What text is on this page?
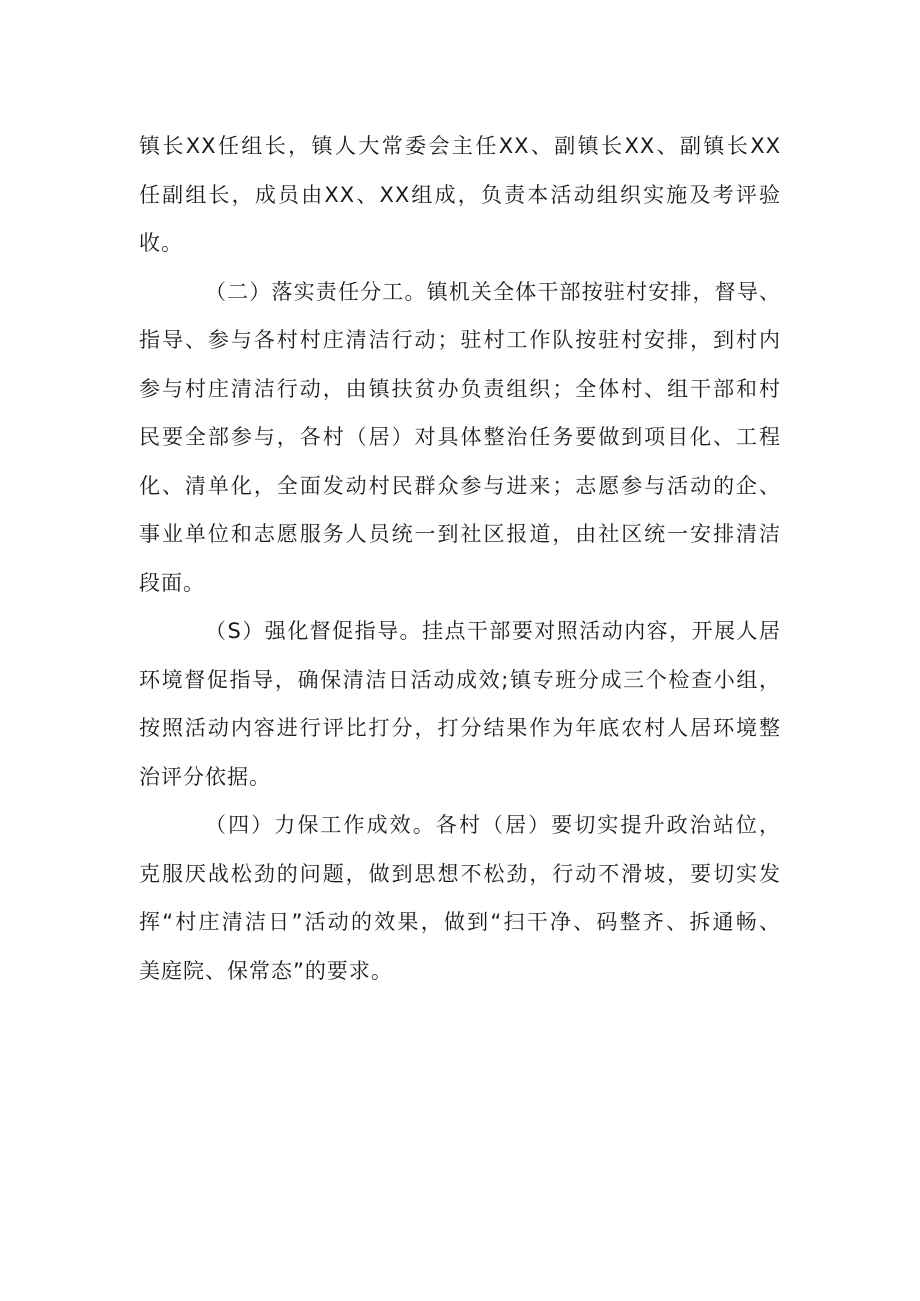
镇长XX任组长，镇人大常委会主任XX、副镇长XX、副镇长XX
任副组长，成员由XX、XX组成，负责本活动组织实施及考评验
收。
（二）落实责任分工。镇机关全体干部按驻村安排，督导、
指导、参与各村村庄清洁行动；驻村工作队按驻村安排，到村内
参与村庄清洁行动，由镇扶贫办负责组织；全体村、组干部和村
民要全部参与，各村（居）对具体整治任务要做到项目化、工程
化、清单化，全面发动村民群众参与进来；志愿参与活动的企、
事业单位和志愿服务人员统一到社区报道，由社区统一安排清洁
段面。
（S）强化督促指导。挂点干部要对照活动内容，开展人居
环境督促指导，确保清洁日活动成效;镇专班分成三个检查小组，
按照活动内容进行评比打分，打分结果作为年底农村人居环境整
治评分依据。
（四）力保工作成效。各村（居）要切实提升政治站位，
克服厌战松劲的问题，做到思想不松劲，行动不滑坡，要切实发
挥“村庄清洁日”活动的效果，做到“扫干净、码整齐、拆通畅、
美庭院、保常态”的要求。
